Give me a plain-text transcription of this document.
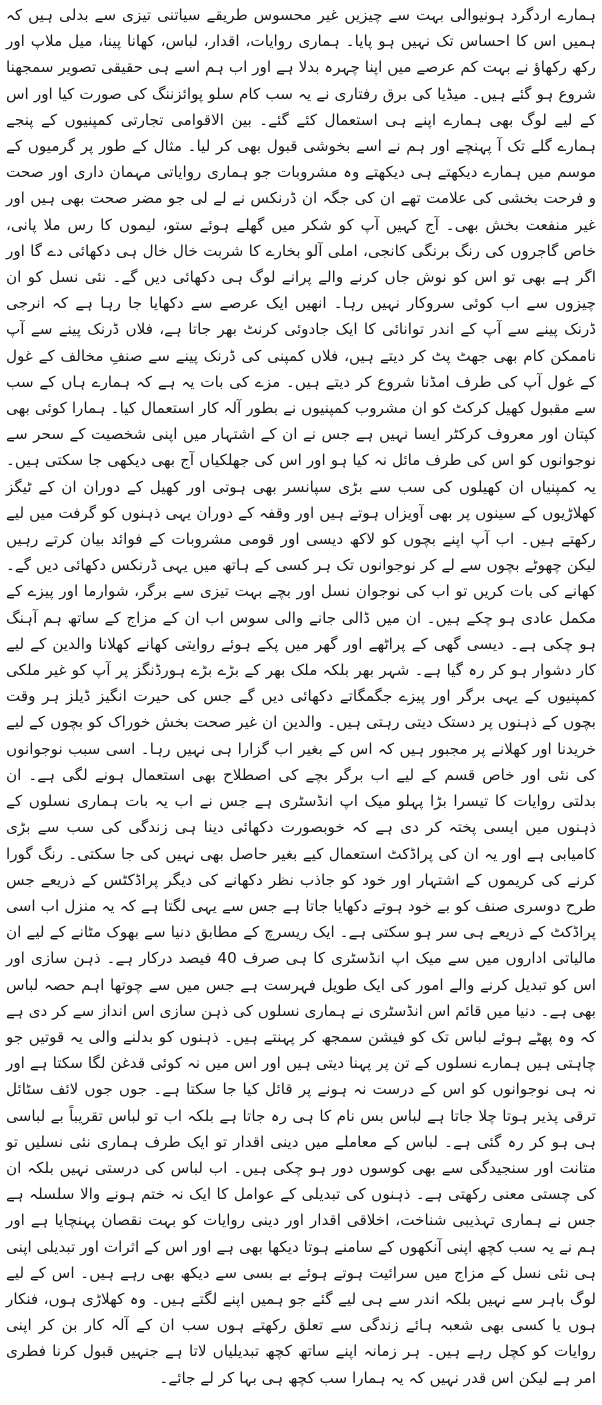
ہمارے اردگرد ہونیوالی بہت سے چیزیں غیر محسوس طریقے سیاتنی تیزی سے بدلی ہیں کہ ہمیں اس کا احساس تک نہیں ہو پایا۔ ہماری روایات، اقدار، لباس، کھانا پینا، میل ملاپ اور رکھ رکھاؤ نے بہت کم عرصے میں اپنا چہرہ بدلا ہے اور اب ہم اسے ہی حقیقی تصویر سمجھنا شروع ہو گئے ہیں۔ میڈیا کی برق رفتاری نے یہ سب کام سلو پوائزننگ کی صورت کیا اور اس کے لیے لوگ بھی ہمارے اپنے ہی استعمال کئے گئے۔ بین الاقوامی تجارتی کمپنیوں کے پنجے ہمارے گلے تک آ پہنچے اور ہم نے اسے بخوشی قبول بھی کر لیا۔ مثال کے طور پر گرمیوں کے موسم میں ہمارے دیکھتے ہی دیکھتے وہ مشروبات جو ہماری روایاتی مہمان داری اور صحت و فرحت بخشی کی علامت تھے ان کی جگہ ان ڈرنکس نے لے لی جو مضر صحت بھی ہیں اور غیر منفعت بخش بھی۔ آج کہیں آپ کو شکر میں گھلے ہوئے ستو، لیموں کا رس ملا پانی، خاص گاجروں کی رنگ برنگی کانجی، املی آلو بخارے کا شربت خال خال ہی دکھائی دے گا اور اگر ہے بھی تو اس کو نوش جاں کرنے والے پرانے لوگ ہی دکھائی دیں گے۔ نئی نسل کو ان چیزوں سے اب کوئی سروکار نہیں رہا۔ انھیں ایک عرصے سے دکھایا جا رہا ہے کہ انرجی ڈرنک پینے سے آپ کے اندر توانائی کا ایک جادوئی کرنٹ بھر جاتا ہے، فلاں ڈرنک پینے سے آپ ناممکن کام بھی جھٹ پٹ کر دیتے ہیں، فلاں کمپنی کی ڈرنک پینے سے صنفِ مخالف کے غول کے غول آپ کی طرف امڈنا شروع کر دیتے ہیں۔ مزے کی بات یہ ہے کہ ہمارے ہاں کے سب سے مقبول کھیل کرکٹ کو ان مشروب کمپنیوں نے بطور آلہ کار استعمال کیا۔ ہمارا کوئی بھی کپتان اور معروف کرکٹر ایسا نہیں ہے جس نے ان کے اشتہار میں اپنی شخصیت کے سحر سے نوجوانوں کو اس کی طرف مائل نہ کیا ہو اور اس کی جھلکیاں آج بھی دیکھی جا سکتی ہیں۔ یہ کمپنیاں ان کھیلوں کی سب سے بڑی سپانسر بھی ہوتی اور کھیل کے دوران ان کے ٹیگز کھلاڑیوں کے سینوں پر بھی آویزاں ہوتے ہیں اور وقفہ کے دوران یہی ذہنوں کو گرفت میں لیے رکھتے ہیں۔ اب آپ اپنے بچوں کو لاکھ دیسی اور قومی مشروبات کے فوائد بیان کرتے رہیں لیکن چھوٹے بچوں سے لے کر نوجوانوں تک ہر کسی کے ہاتھ میں یہی ڈرنکس دکھائی دیں گے۔ کھانے کی بات کریں تو اب کی نوجوان نسل اور بچے بہت تیزی سے برگر، شوارما اور پیزے کے مکمل عادی ہو چکے ہیں۔ ان میں ڈالی جانے والی سوس اب ان کے مزاج کے ساتھ ہم آہنگ ہو چکی ہے۔ دیسی گھی کے پراٹھے اور گھر میں پکے ہوئے روایتی کھانے کھلانا والدین کے لیے کار دشوار ہو کر رہ گیا ہے۔ شہر بھر بلکہ ملک بھر کے بڑے بڑے ہورڈنگز پر آپ کو غیر ملکی کمپنیوں کے یہی برگر اور پیزے جگمگاتے دکھائی دیں گے جس کی حیرت انگیز ڈیلز ہر وقت بچوں کے ذہنوں پر دستک دیتی رہتی ہیں۔ والدین ان غیر صحت بخش خوراک کو بچوں کے لیے خریدنا اور کھلانے پر مجبور ہیں کہ اس کے بغیر اب گزارا ہی نہیں رہا۔ اسی سبب نوجوانوں کی نئی اور خاص قسم کے لیے اب برگر بچے کی اصطلاح بھی استعمال ہونے لگی ہے۔ ان بدلتی روایات کا تیسرا بڑا پہلو میک اپ انڈسٹری ہے جس نے اب یہ بات ہماری نسلوں کے ذہنوں میں ایسی پختہ کر دی ہے کہ خوبصورت دکھائی دینا ہی زندگی کی سب سے بڑی کامیابی ہے اور یہ ان کی پراڈکٹ استعمال کیے بغیر حاصل بھی نہیں کی جا سکتی۔ رنگ گورا کرنے کی کریموں کے اشتہار اور خود کو جاذب نظر دکھانے کی دیگر پراڈکٹس کے ذریعے جس طرح دوسری صنف کو بے خود ہوتے دکھایا جاتا ہے جس سے یہی لگتا ہے کہ یہ منزل اب اسی پراڈکٹ کے ذریعے ہی سر ہو سکتی ہے۔ ایک ریسرچ کے مطابق دنیا سے بھوک مٹانے کے لیے ان مالیاتی اداروں میں سے میک اپ انڈسٹری کا ہی صرف 40 فیصد درکار ہے۔ ذہن سازی اور اس کو تبدیل کرنے والے امور کی ایک طویل فہرست ہے جس میں سے چوتھا اہم حصہ لباس بھی ہے۔ دنیا میں قائم اس انڈسٹری نے ہماری نسلوں کی ذہن سازی اس انداز سے کر دی ہے کہ وہ پھٹے ہوئے لباس تک کو فیشن سمجھ کر پہنتے ہیں۔ ذہنوں کو بدلنے والی یہ قوتیں جو چاہتی ہیں ہمارے نسلوں کے تن پر پہنا دیتی ہیں اور اس میں نہ کوئی قدغن لگا سکتا ہے اور نہ ہی نوجوانوں کو اس کے درست نہ ہونے پر قائل کیا جا سکتا ہے۔ جوں جوں لائف سٹائل ترقی پذیر ہوتا چلا جاتا ہے لباس بس نام کا ہی رہ جاتا ہے بلکہ اب تو لباس تقریباً بے لباسی ہی ہو کر رہ گئی ہے۔ لباس کے معاملے میں دینی اقدار تو ایک طرف ہماری نئی نسلیں تو متانت اور سنجیدگی سے بھی کوسوں دور ہو چکی ہیں۔ اب لباس کی درستی نہیں بلکہ ان کی چستی معنی رکھتی ہے۔ ذہنوں کی تبدیلی کے عوامل کا ایک نہ ختم ہونے والا سلسلہ ہے جس نے ہماری تہذیبی شناخت، اخلاقی اقدار اور دینی روایات کو بہت نقصان پہنچایا ہے اور ہم نے یہ سب کچھ اپنی آنکھوں کے سامنے ہوتا دیکھا بھی ہے اور اس کے اثرات اور تبدیلی اپنی ہی نئی نسل کے مزاج میں سرائیت ہوتے ہوئے بے بسی سے دیکھ بھی رہے ہیں۔ اس کے لیے لوگ باہر سے نہیں بلکہ اندر سے ہی لیے گئے جو ہمیں اپنے لگتے ہیں۔ وہ کھلاڑی ہوں، فنکار ہوں یا کسی بھی شعبہ ہائے زندگی سے تعلق رکھتے ہوں سب ان کے آلہ کار بن کر اپنی روایات کو کچل رہے ہیں۔ ہر زمانہ اپنے ساتھ کچھ تبدیلیاں لاتا ہے جنہیں قبول کرنا فطری امر ہے لیکن اس قدر نہیں کہ یہ ہمارا سب کچھ ہی بہا کر لے جائے۔
